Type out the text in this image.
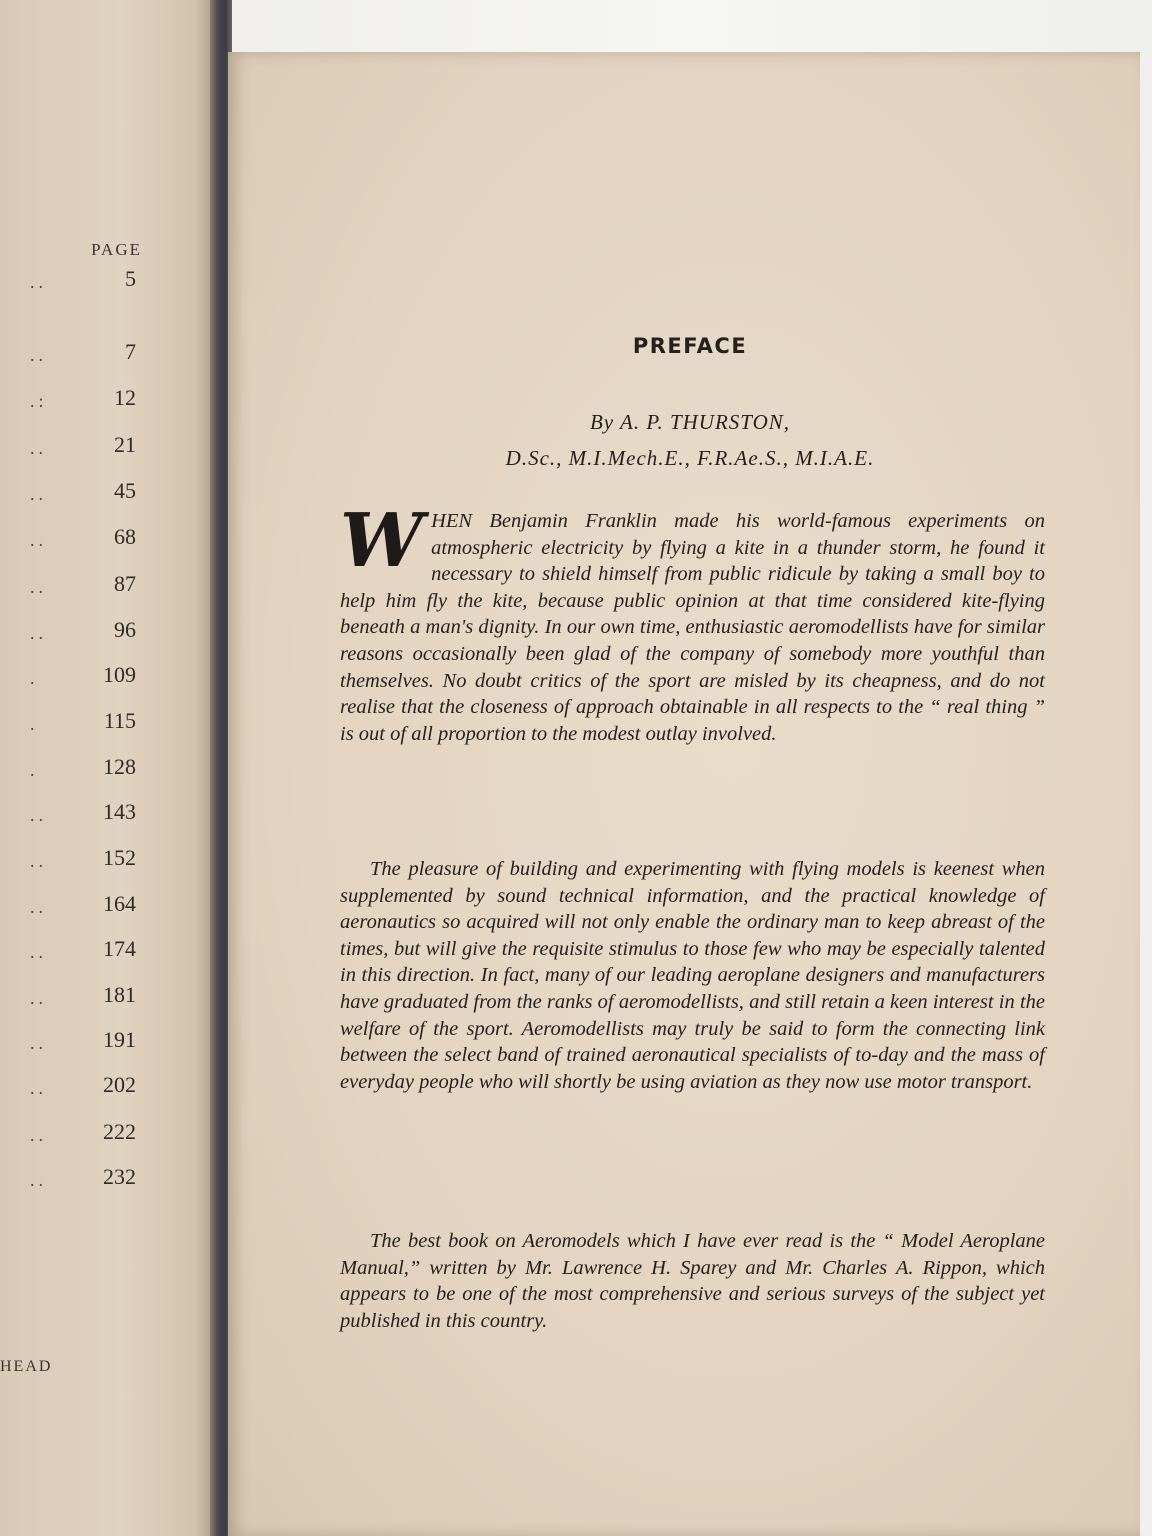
PAGE
..	5
..	7
.:	12
..	21
..	45
..	68
..	87
..	96
.	109
.	115
.	128
..	143
..	152
..	164
..	174
..	181
..	191
..	202
..	222
..	232
HEAD
PREFACE
By A. P. THURSTON,
D.Sc., M.I.Mech.E., F.R.Ae.S., M.I.A.E.
WHEN Benjamin Franklin made his world-famous experiments on atmospheric electricity by flying a kite in a thunder storm, he found it necessary to shield himself from public ridicule by taking a small boy to help him fly the kite, because public opinion at that time considered kite-flying beneath a man's dignity. In our own time, enthusiastic aeromodellists have for similar reasons occasionally been glad of the company of somebody more youthful than themselves. No doubt critics of the sport are misled by its cheapness, and do not realise that the closeness of approach obtainable in all respects to the “ real thing ” is out of all proportion to the modest outlay involved.
The pleasure of building and experimenting with flying models is keenest when supplemented by sound technical information, and the practical knowledge of aeronautics so acquired will not only enable the ordinary man to keep abreast of the times, but will give the requisite stimulus to those few who may be especially talented in this direction. In fact, many of our leading aeroplane designers and manufacturers have graduated from the ranks of aeromodellists, and still retain a keen interest in the welfare of the sport. Aeromodellists may truly be said to form the connecting link between the select band of trained aeronautical specialists of to-day and the mass of everyday people who will shortly be using aviation as they now use motor transport.
The best book on Aeromodels which I have ever read is the “ Model Aeroplane Manual,” written by Mr. Lawrence H. Sparey and Mr. Charles A. Rippon, which appears to be one of the most comprehensive and serious surveys of the subject yet published in this country.
